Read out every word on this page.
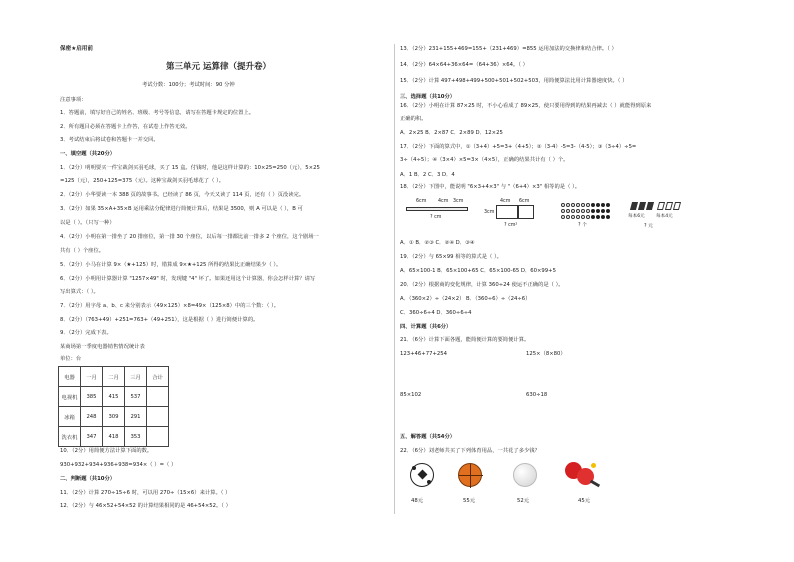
保密★启用前
第三单元 运算律（提升卷）
考试分数：100分；考试时间：90 分钟
注意事项：
1．答题前，填写好自己的姓名、班级、考号等信息，请写在答题卡规定的位置上。
2．所有题目必须在答题卡上作答，在试卷上作答无效。
3．考试结束后将试卷和答题卡一并交回。
一、填空题（共20分）
1．（2分）明明要买一件宝裁剑买羽毛球，买了 15 盒。付钱时，他是这样计算的：10×25=250（元），5×25
=125（元），250+125=375（元）。这种宝裁剑买羽毛球花了（ ）。
2．（2分）小华要读一本 388 页的故事书。已经读了 86 页，今天又读了 114 页，还有（ ）页没读完。
3．（2分）如果 35×A+35×B 运用乘法分配律进行简便计算后，结果是 3500，则 A 可以是（ ），B 可
以是（ ）。（只写一种）
4．（2分）小明在第一排坐了 20 排座位，第一排 30 个座位，以后每一排都比前一排多 2 个座位，这个剧场一
共有（ ）个座位。
5．（2分）小马在计算 9×（★+125）时，错算成 9×★+125 所得的结果比正确结果少（ ）。
6．（2分）小明用计算器计算 "1257×49" 时，发现键 "4" 坏了。如果还用这个计算器，你会怎样计算？请写
写出算式：（ ）。
7．（2分）用字母 a、b、c 来分别表示（49×125）×8=49×（125×8）中的三个数：（ ）。
8．（2分）（763+49）+251=763+（49+251），这是根据（ ）进行简便计算的。
9．（2分）完成下表。
某商场第一季度电器销售情况统计表
单位：台
电器	一月	二月	三月	合计
电视机	385	415	537	
冰箱	248	309	291	
洗衣机	347	418	353	
10．（2分）用简便方法计算下面的数。
930+932+934+936+938=934×（ ）=（ ）
二、判断题（共10分）
11．（2分）计算 270÷15÷6 时，可以用 270÷（15×6）来计算。（ ）
12．（2分）与 46×52+54×52 的计算结果相同的是 46+54×52。（ ）
13．（2分）231+155+469=155+（231+469）=855 运用加法的交换律和结合律。（ ）
14．（2分）64×64+36×64=（64+36）×64。（ ）
15．（2分）计算 497+498+499+500+501+502+503，用简便算法比用计算器速度快。（ ）
三、选择题（共10分）
16．（2分）小明在计算 87×25 时，不小心看成了 89×25，使只要用得到的结果再减去（ ）就能得到原来
正确的积。
A．2×25 B．2×87 C．2×89 D．12×25
17．（2分）下面的算式中，①（3+4）+5=3+（4+5）；②（3-4）-5=3-（4-5）；③（3÷4）÷5=
3÷（4÷5）；④（3×4）×5=3×（4×5），正确的结果共计有（ ）个。
A．1 B．2 C．3 D．4
18．（2分）下图中，能说明 "6×3+4×3" 与 "（6+4）×3" 相等的是（ ）。
6cm 4cm 3cm
? cm
4cm 6cm
3cm
? cm²	? 个
每本6元 每本4元
? 元
A．① B．②③ C．②④ D．③④
19．（2分）与 65×99 相等的算式是（ ）。
A．65×100-1 B．65×100+65 C．65×100-65 D．60×99+5
20．（2分）根据商的变化规律，计算 360÷24 使运不正确的是（ ）。
A．（360×2）÷（24×2） B．（360÷6）÷（24÷6）
C．360÷6÷4 D．360÷6÷4
四、计算题（共6分）
21．（6分）计算下面各题，能简便计算的要简便计算。
123+46+77+254	125×（8×80）
85×102	630÷18
五、解答题（共54分）
22．（6分）刘老师共买了下列体育用品，一共花了多少钱？
48元	55元	52元	45元
